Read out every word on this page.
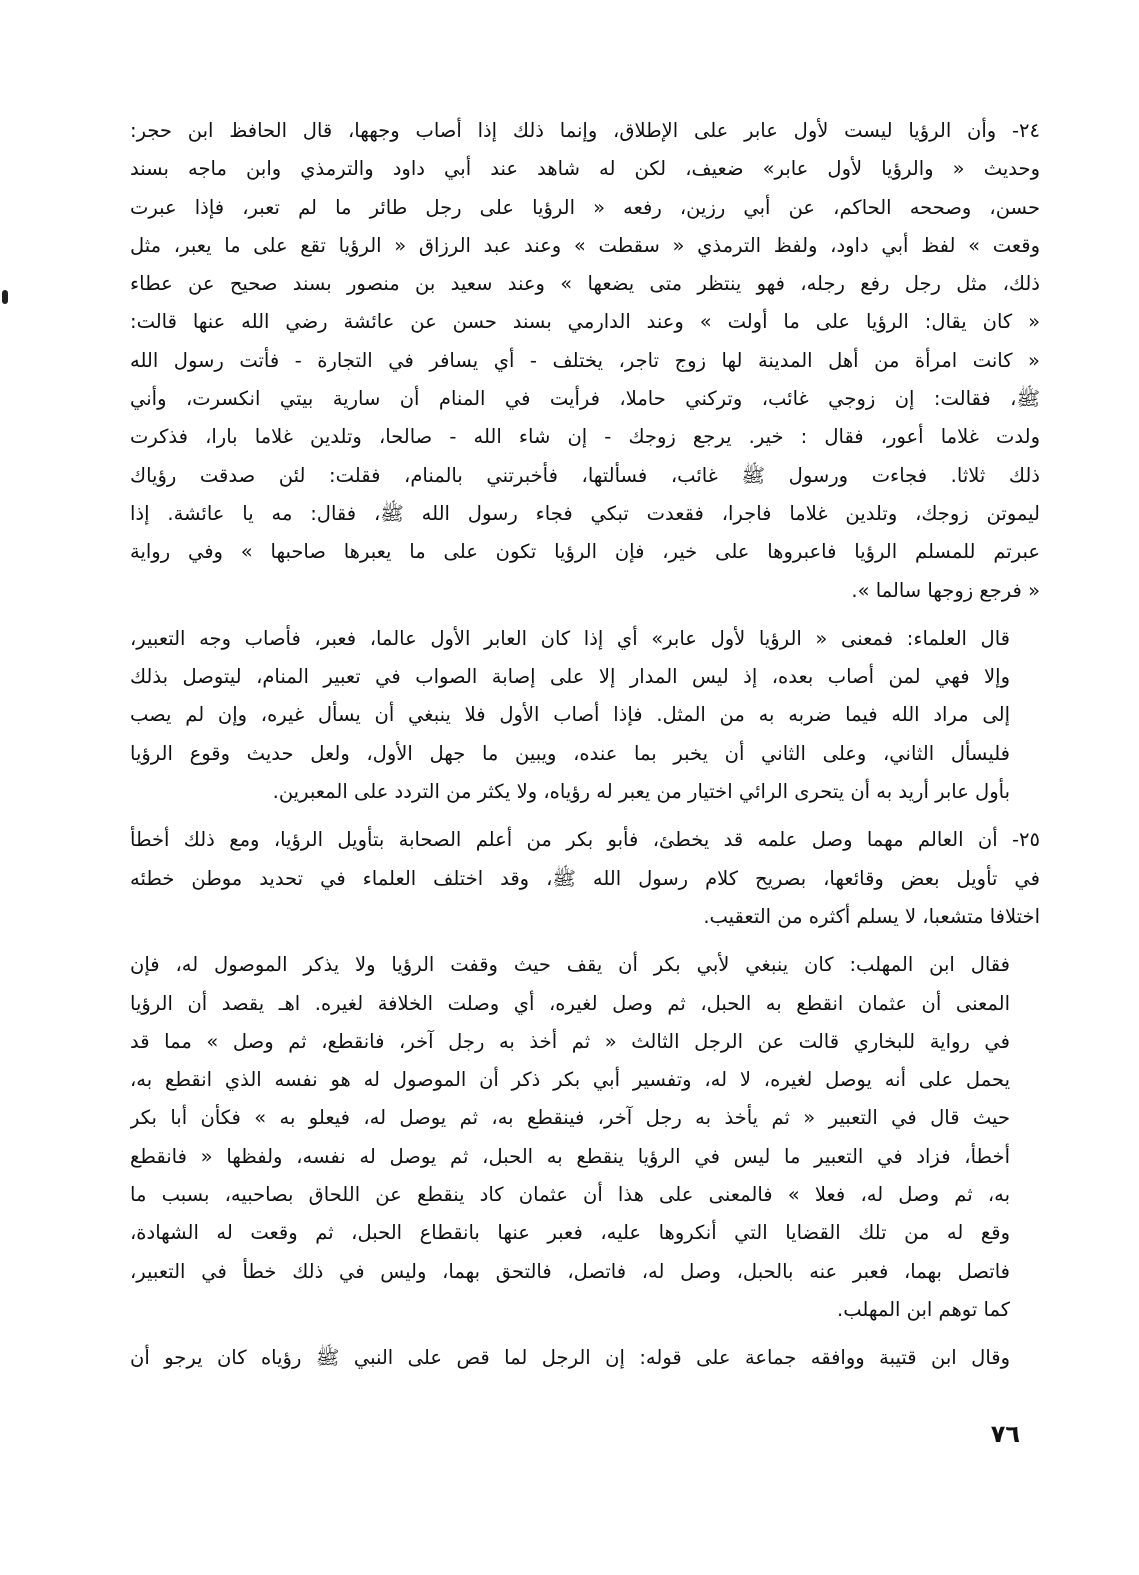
٢٤- وأن الرؤيا ليست لأول عابر على الإطلاق، وإنما ذلك إذا أصاب وجهها، قال الحافظ ابن حجر:
وحديث « والرؤيا لأول عابر» ضعيف، لكن له شاهد عند أبي داود والترمذي وابن ماجه بسند
حسن، وصححه الحاكم، عن أبي رزين، رفعه « الرؤيا على رجل طائر ما لم تعبر، فإذا عبرت
وقعت » لفظ أبي داود، ولفظ الترمذي « سقطت » وعند عبد الرزاق « الرؤيا تقع على ما يعبر، مثل
ذلك، مثل رجل رفع رجله، فهو ينتظر متى يضعها » وعند سعيد بن منصور بسند صحيح عن عطاء
« كان يقال: الرؤيا على ما أولت » وعند الدارمي بسند حسن عن عائشة رضي الله عنها قالت:
« كانت امرأة من أهل المدينة لها زوج تاجر، يختلف - أي يسافر في التجارة - فأتت رسول الله
ﷺ، فقالت: إن زوجي غائب، وتركني حاملا، فرأيت في المنام أن سارية بيتي انكسرت، وأني
ولدت غلاما أعور، فقال : خير. يرجع زوجك - إن شاء الله - صالحا، وتلدين غلاما بارا، فذكرت
ذلك ثلاثا. فجاءت ورسول ﷺ غائب، فسألتها، فأخبرتني بالمنام، فقلت: لئن صدقت رؤياك
ليموتن زوجك، وتلدين غلاما فاجرا، فقعدت تبكي فجاء رسول الله ﷺ، فقال: مه يا عائشة. إذا
عبرتم للمسلم الرؤيا فاعبروها على خير، فإن الرؤيا تكون على ما يعبرها صاحبها » وفي رواية
« فرجع زوجها سالما ».

قال العلماء: فمعنى « الرؤيا لأول عابر» أي إذا كان العابر الأول عالما، فعبر، فأصاب وجه التعبير،
وإلا فهي لمن أصاب بعده، إذ ليس المدار إلا على إصابة الصواب في تعبير المنام، ليتوصل بذلك
إلى مراد الله فيما ضربه به من المثل. فإذا أصاب الأول فلا ينبغي أن يسأل غيره، وإن لم يصب
فليسأل الثاني، وعلى الثاني أن يخبر بما عنده، ويبين ما جهل الأول، ولعل حديث وقوع الرؤيا
بأول عابر أريد به أن يتحرى الرائي اختيار من يعبر له رؤياه، ولا يكثر من التردد على المعبرين.

٢٥- أن العالم مهما وصل علمه قد يخطئ، فأبو بكر من أعلم الصحابة بتأويل الرؤيا، ومع ذلك أخطأ
في تأويل بعض وقائعها، بصريح كلام رسول الله ﷺ، وقد اختلف العلماء في تحديد موطن خطئه
اختلافا متشعبا، لا يسلم أكثره من التعقيب.

فقال ابن المهلب: كان ينبغي لأبي بكر أن يقف حيث وقفت الرؤيا ولا يذكر الموصول له، فإن
المعنى أن عثمان انقطع به الحبل، ثم وصل لغيره، أي وصلت الخلافة لغيره. اهـ يقصد أن الرؤيا
في رواية للبخاري قالت عن الرجل الثالث « ثم أخذ به رجل آخر، فانقطع، ثم وصل » مما قد
يحمل على أنه يوصل لغيره، لا له، وتفسير أبي بكر ذكر أن الموصول له هو نفسه الذي انقطع به،
حيث قال في التعبير « ثم يأخذ به رجل آخر، فينقطع به، ثم يوصل له، فيعلو به » فكأن أبا بكر
أخطأ، فزاد في التعبير ما ليس في الرؤيا ينقطع به الحبل، ثم يوصل له نفسه، ولفظها « فانقطع
به، ثم وصل له، فعلا » فالمعنى على هذا أن عثمان كاد ينقطع عن اللحاق بصاحبيه، بسبب ما
وقع له من تلك القضايا التي أنكروها عليه، فعبر عنها بانقطاع الحبل، ثم وقعت له الشهادة،
فاتصل بهما، فعبر عنه بالحبل، وصل له، فاتصل، فالتحق بهما، وليس في ذلك خطأ في التعبير،
كما توهم ابن المهلب.

وقال ابن قتيبة ووافقه جماعة على قوله: إن الرجل لما قص على النبي ﷺ رؤياه كان يرجو أن

٧٦
